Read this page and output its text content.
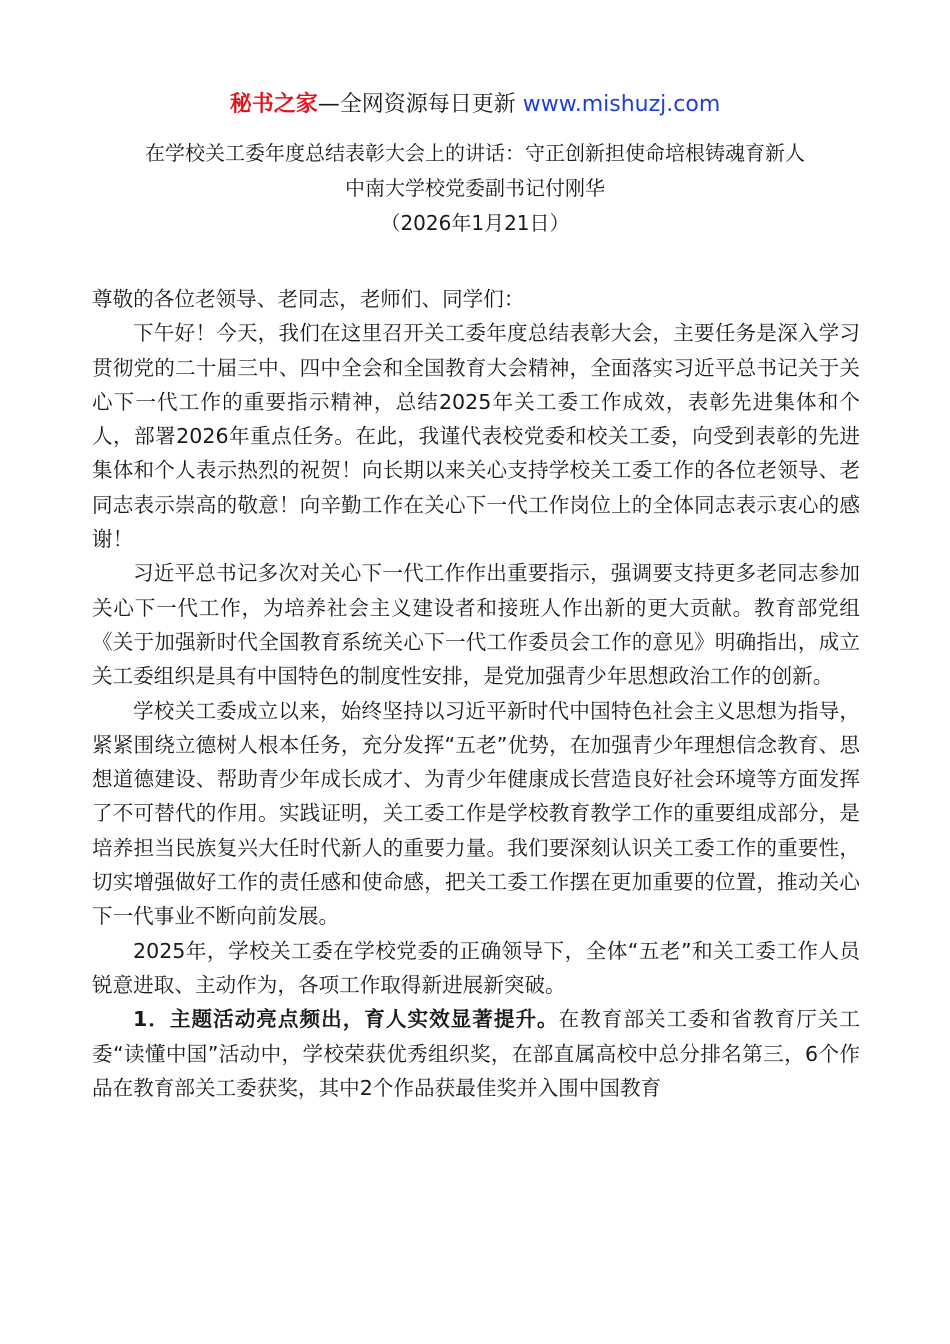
秘书之家—全网资源每日更新 www.mishuzj.com
在学校关工委年度总结表彰大会上的讲话：守正创新担使命培根铸魂育新人
中南大学校党委副书记付刚华
（2026年1月21日）

尊敬的各位老领导、老同志，老师们、同学们：

下午好！今天，我们在这里召开关工委年度总结表彰大会，主要任务是深入学习贯彻党的二十届三中、四中全会和全国教育大会精神，全面落实习近平总书记关于关心下一代工作的重要指示精神，总结2025年关工委工作成效，表彰先进集体和个人，部署2026年重点任务。在此，我谨代表校党委和校关工委，向受到表彰的先进集体和个人表示热烈的祝贺！向长期以来关心支持学校关工委工作的各位老领导、老同志表示崇高的敬意！向辛勤工作在关心下一代工作岗位上的全体同志表示衷心的感谢！

习近平总书记多次对关心下一代工作作出重要指示，强调要支持更多老同志参加关心下一代工作，为培养社会主义建设者和接班人作出新的更大贡献。教育部党组《关于加强新时代全国教育系统关心下一代工作委员会工作的意见》明确指出，成立关工委组织是具有中国特色的制度性安排，是党加强青少年思想政治工作的创新。

学校关工委成立以来，始终坚持以习近平新时代中国特色社会主义思想为指导，紧紧围绕立德树人根本任务，充分发挥“五老”优势，在加强青少年理想信念教育、思想道德建设、帮助青少年成长成才、为青少年健康成长营造良好社会环境等方面发挥了不可替代的作用。实践证明，关工委工作是学校教育教学工作的重要组成部分，是培养担当民族复兴大任时代新人的重要力量。我们要深刻认识关工委工作的重要性，切实增强做好工作的责任感和使命感，把关工委工作摆在更加重要的位置，推动关心下一代事业不断向前发展。

2025年，学校关工委在学校党委的正确领导下，全体“五老”和关工委工作人员锐意进取、主动作为，各项工作取得新进展新突破。

1．主题活动亮点频出，育人实效显著提升。在教育部关工委和省教育厅关工委“读懂中国”活动中，学校荣获优秀组织奖，在部直属高校中总分排名第三，6个作品在教育部关工委获奖，其中2个作品获最佳奖并入围中国教育
